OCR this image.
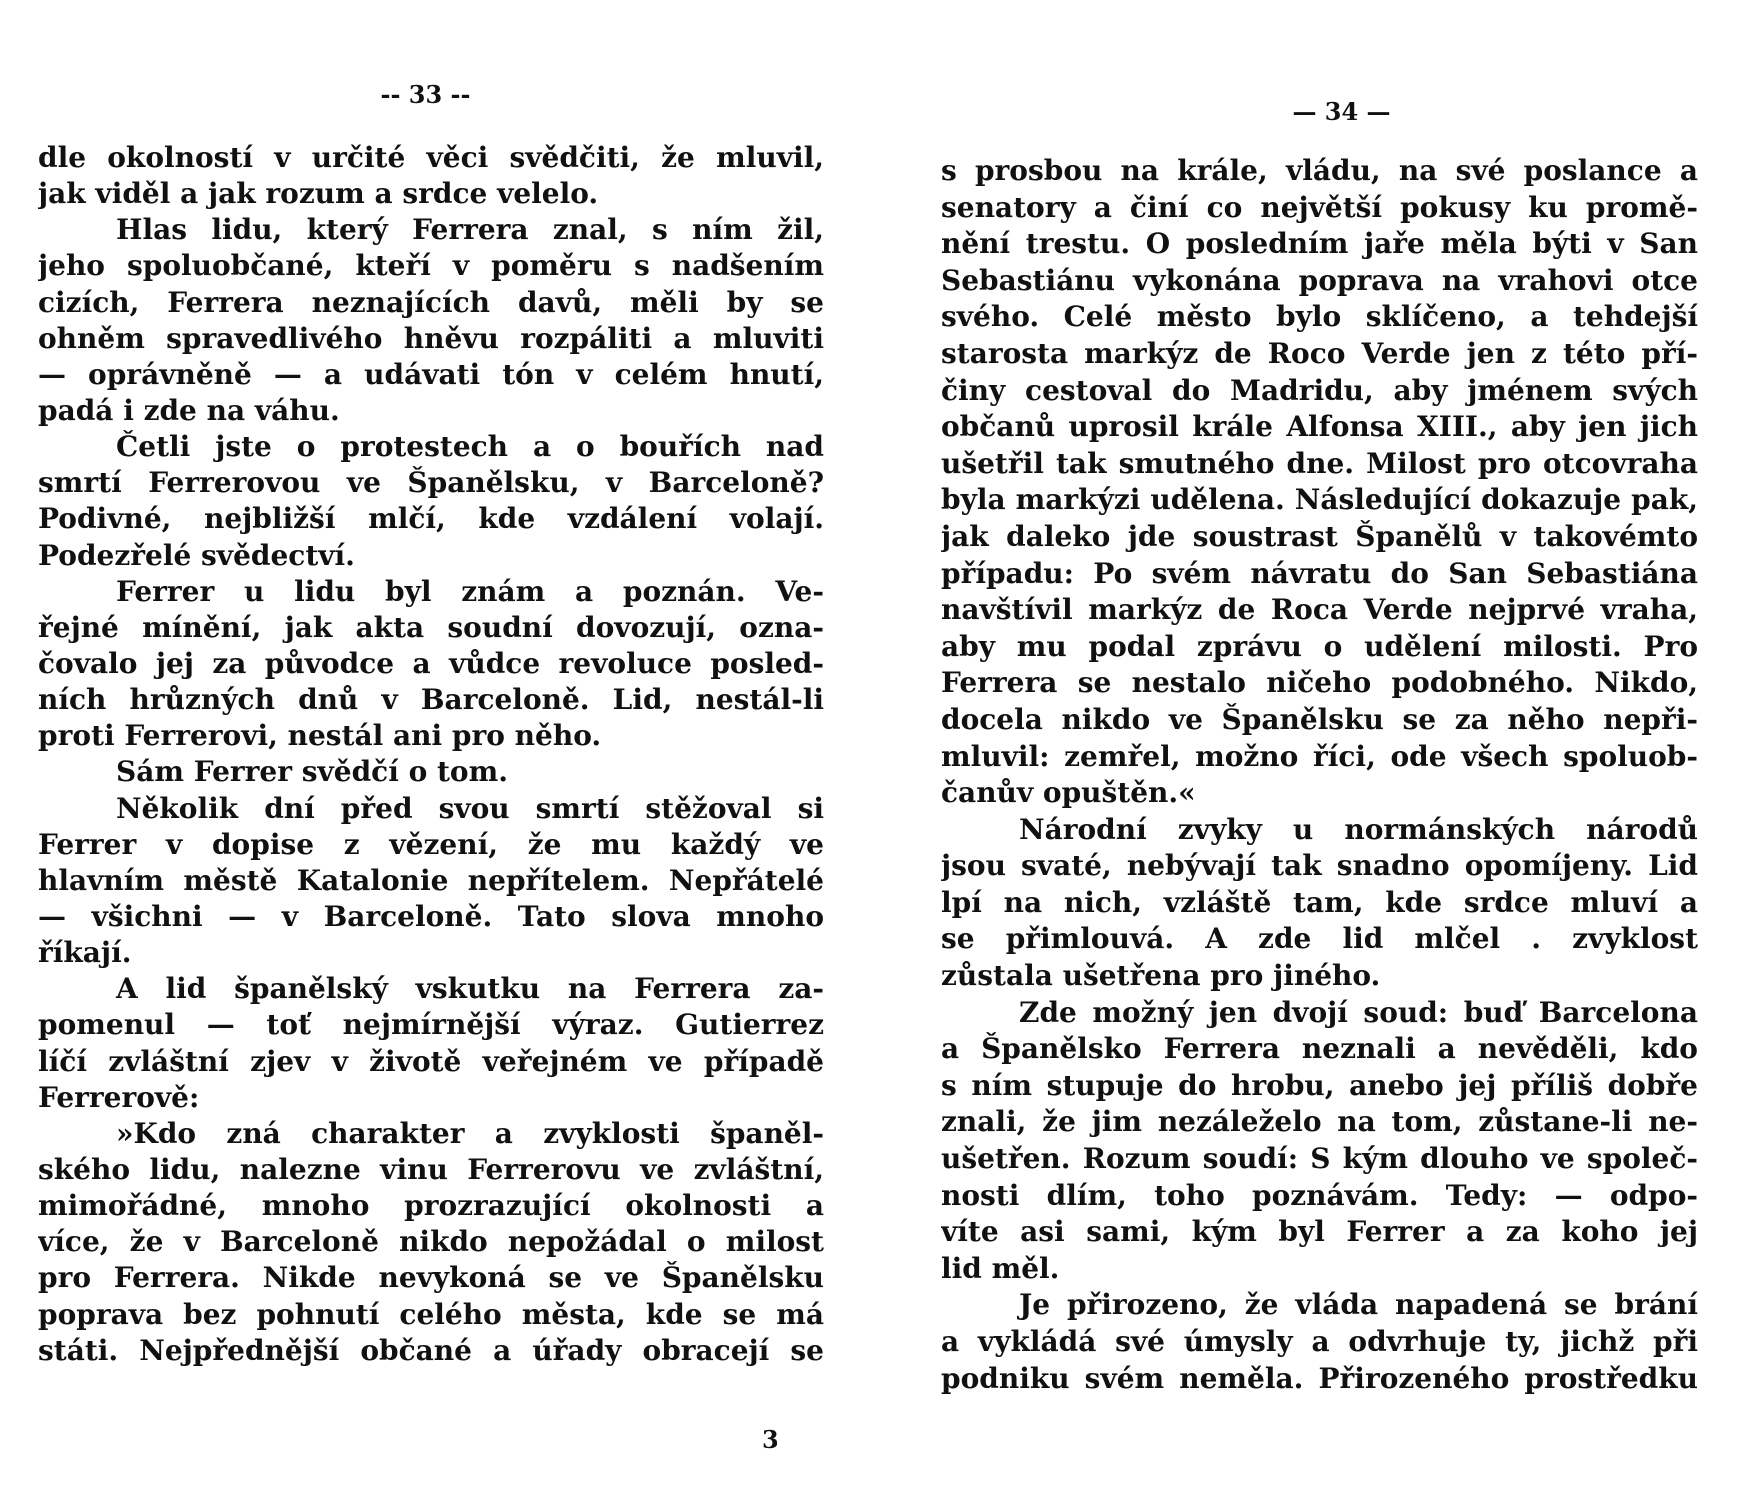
-- 33 --
dle okolností v určité věci svědčiti, že mluvil,
jak viděl a jak rozum a srdce velelo.
Hlas lidu, který Ferrera znal, s ním žil,
jeho spoluobčané, kteří v poměru s nadšením
cizích, Ferrera neznajících davů, měli by se
ohněm spravedlivého hněvu rozpáliti a mluviti
— oprávněně — a udávati tón v celém hnutí,
padá i zde na váhu.
Četli jste o protestech a o bouřích nad
smrtí Ferrerovou ve Španělsku, v Barceloně?
Podivné, nejbližší mlčí, kde vzdálení volají.
Podezřelé svědectví.
Ferrer u lidu byl znám a poznán. Ve-
řejné mínění, jak akta soudní dovozují, ozna-
čovalo jej za původce a vůdce revoluce posled-
ních hrůzných dnů v Barceloně. Lid, nestál-li
proti Ferrerovi, nestál ani pro něho.
Sám Ferrer svědčí o tom.
Několik dní před svou smrtí stěžoval si
Ferrer v dopise z vězení, že mu každý ve
hlavním městě Katalonie nepřítelem. Nepřátelé
— všichni — v Barceloně. Tato slova mnoho
říkají.
A lid španělský vskutku na Ferrera za-
pomenul — toť nejmírnější výraz. Gutierrez
líčí zvláštní zjev v životě veřejném ve případě
Ferrerově:
»Kdo zná charakter a zvyklosti španěl-
ského lidu, nalezne vinu Ferrerovu ve zvláštní,
mimořádné, mnoho prozrazující okolnosti a
více, že v Barceloně nikdo nepožádal o milost
pro Ferrera. Nikde nevykoná se ve Španělsku
poprava bez pohnutí celého města, kde se má
státi. Nejpřednější občané a úřady obracejí se
3
— 34 —
s prosbou na krále, vládu, na své poslance a
senatory a činí co největší pokusy ku promě-
nění trestu. O posledním jaře měla býti v San
Sebastiánu vykonána poprava na vrahovi otce
svého. Celé město bylo sklíčeno, a tehdejší
starosta markýz de Roco Verde jen z této pří-
činy cestoval do Madridu, aby jménem svých
občanů uprosil krále Alfonsa XIII., aby jen jich
ušetřil tak smutného dne. Milost pro otcovraha
byla markýzi udělena. Následující dokazuje pak,
jak daleko jde soustrast Španělů v takovémto
případu: Po svém návratu do San Sebastiána
navštívil markýz de Roca Verde nejprvé vraha,
aby mu podal zprávu o udělení milosti. Pro
Ferrera se nestalo ničeho podobného. Nikdo,
docela nikdo ve Španělsku se za něho nepři-
mluvil: zemřel, možno říci, ode všech spoluob-
čanův opuštěn.«
Národní zvyky u normánských národů
jsou svaté, nebývají tak snadno opomíjeny. Lid
lpí na nich, vzláště tam, kde srdce mluví a
se přimlouvá. A zde lid mlčel . zvyklost
zůstala ušetřena pro jiného.
Zde možný jen dvojí soud: buď Barcelona
a Španělsko Ferrera neznali a nevěděli, kdo
s ním stupuje do hrobu, anebo jej příliš dobře
znali, že jim nezáleželo na tom, zůstane-li ne-
ušetřen. Rozum soudí: S kým dlouho ve společ-
nosti dlím, toho poznávám. Tedy: — odpo-
víte asi sami, kým byl Ferrer a za koho jej
lid měl.
Je přirozeno, že vláda napadená se brání
a vykládá své úmysly a odvrhuje ty, jichž při
podniku svém neměla. Přirozeného prostředku
